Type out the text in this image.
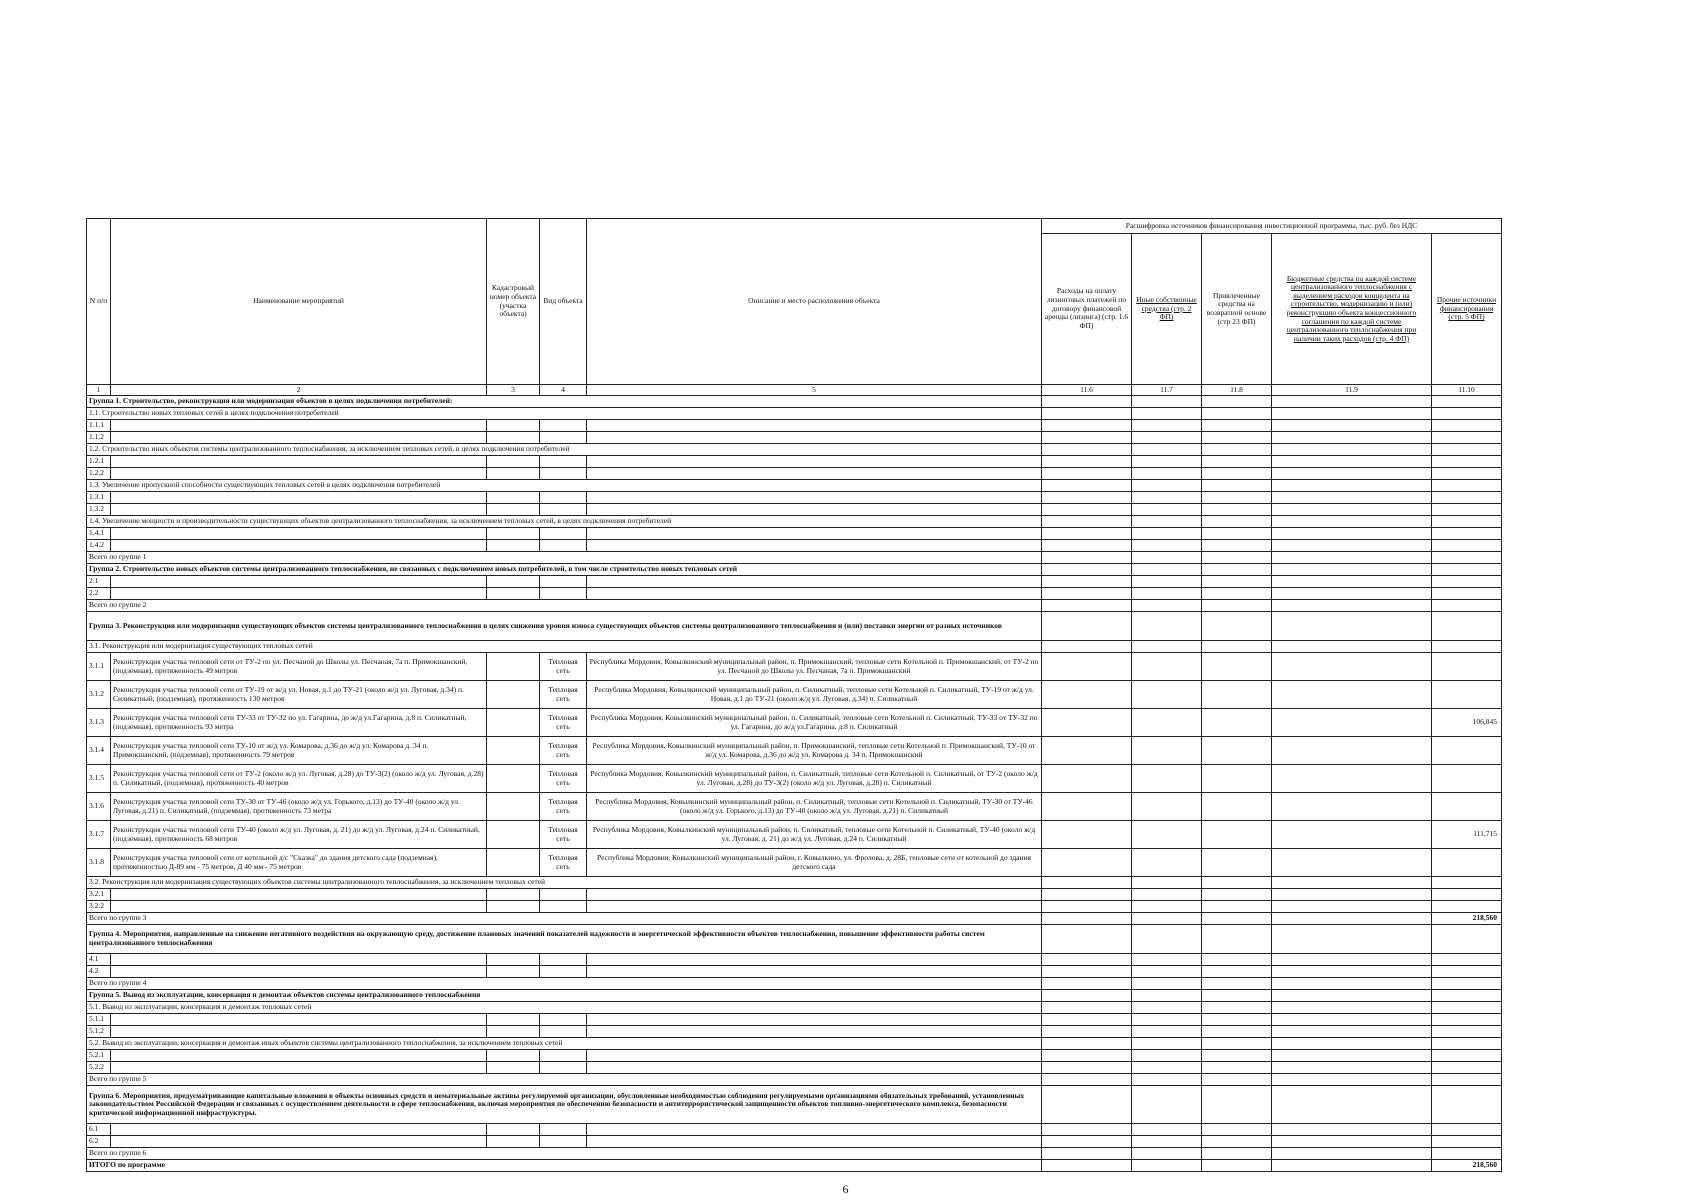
N п/п	Наименование мероприятий	Кадастровый номер объекта (участка объекта)	Вид объекта	Описание и место расположения объекта	Расшифровка источников финансирования инвестиционной программы, тыс. руб. без НДС				
					Расходы на оплату лизинговых платежей по договору финансовой аренды (лизинга) (стр. 1.6 ФП)	Иные собственные средства (стр. 2 ФП)	Привлеченные средства на возвратной основе (стр 23 ФП)	Бюджетные средства по каждой системе централизованного теплоснабжения с выделением расходов концедента на строительство, модернизацию и (или) реконструкцию объекта концессионного соглашения по каждой системе централизованного теплоснабжения при наличии таких расходов (стр. 4 ФП)	Прочие источники финансирования (стр. 5 ФП)
1	2	3	4	5	11.6	11.7	11.8	11.9	11.10
Группа 1. Строительство, реконструкция или модернизация объектов в целях подключения потребителей:									
1.1. Строительство новых тепловых сетей в целях подключения потребителей									
1.1.1									
1.1.2									
1.2. Строительство иных объектов системы централизованного теплоснабжения, за исключением тепловых сетей, в целях подключения потребителей									
1.2.1									
1.2.2									
1.3. Увеличение пропускной способности существующих тепловых сетей в целях подключения потребителей									
1.3.1									
1.3.2									
1.4. Увеличение мощности и производительности существующих объектов централизованного теплоснабжения, за исключением тепловых сетей, в целях подключения потребителей									
1.4.1									
1.4.2									
Всего по группе 1									
Группа 2. Строительство новых объектов системы централизованного теплоснабжения, не связанных с подключением новых потребителей, в том числе строительство новых тепловых сетей									
2.1									
2.2									
Всего по группе 2									
Группа 3. Реконструкция или модернизация существующих объектов системы централизованного теплоснабжения в целях снижения уровня износа существующих объектов системы централизованного теплоснабжения и (или) поставки энергии от разных источников									
3.1. Реконструкция или модернизация существующих тепловых сетей									
3.1.1	Реконструкция участка тепловой сети от ТУ-2 по ул. Песчаной до Школы ул. Песчаная, 7а п. Примокшанский, (подземная), протяженность 49 метров		Тепловая сеть	Республика Мордовия, Ковылкинский муниципальный район, п. Примокшанский, тепловые сети Котельной п. Примокшанский, от ТУ-2 по ул. Песчаной до Школы ул. Песчаная, 7а п. Примокшанский					
3.1.2	Реконструкция участка тепловой сети от ТУ-19 от ж/д ул. Новая, д.1 до ТУ-21 (около ж/д ул. Луговая, д.34) п. Силикатный, (подземная), протяженность 130 метров		Тепловая сеть	Республика Мордовия, Ковылкинский муниципальный район, п. Силикатный, тепловые сети Котельной п. Силикатный, ТУ-19 от ж/д ул. Новая, д.1 до ТУ-21 (около ж/д ул. Луговая, д.34) п. Силикатный					
3.1.3	Реконструкция участка тепловой сети ТУ-33 от ТУ-32 по ул. Гагарина, до ж/д ул.Гагарина, д.8 п. Силикатный, (подземная), протяженность 93 метра		Тепловая сеть	Республика Мордовия, Ковылкинский муниципальный район, п. Силикатный, тепловые сети Котельной п. Силикатный, ТУ-33 от ТУ-32 по ул. Гагарина, до ж/д ул.Гагарина, д.8 п. Силикатный					106,845
3.1.4	Реконструкция участка тепловой сети ТУ-10 от ж/д ул. Комарова, д.36 до ж/д ул. Комарова д. 34 п. Примокшанский, (подземная), протяженность 79 метров		Тепловая сеть	Республика Мордовия, Ковылкинский муниципальный район, п. Примокшанский, тепловые сети Котельной п. Примокшанский, ТУ-10 от ж/д ул. Комарова, д.36 до ж/д ул. Комарова д. 34 п. Примокшанский					
3.1.5	Реконструкция участка тепловой сети от ТУ-2 (около ж/д ул. Луговая, д.28) до ТУ-3(2) (около ж/д ул. Луговая, д.28) п. Силикатный, (подземная), протяженность 40 метров		Тепловая сеть	Республика Мордовия, Ковылкинский муниципальный район, п. Силикатный, тепловые сети Котельной п. Силикатный, от ТУ-2 (около ж/д ул. Луговая, д.28) до ТУ-3(2) (около ж/д ул. Луговая, д.28) п. Силикатный					
3.1.6	Реконструкция участка тепловой сети ТУ-30 от ТУ-46 (около ж/д ул. Горького, д.13) до ТУ-40 (около ж/д ул. Луговая, д.21) п. Силикатный, (подземная), протяженность 73 метра		Тепловая сеть	Республика Мордовия, Ковылкинский муниципальный район, п. Силикатный, тепловые сети Котельной п. Силикатный, ТУ-30 от ТУ-46 (около ж/д ул. Горького, д.13) до ТУ-40 (около ж/д ул. Луговая, д.21) п. Силикатный					
3.1.7	Реконструкция участка тепловой сети ТУ-40 (около ж/д ул. Луговая, д. 21) до ж/д ул. Луговая, д.24 п. Силикатный, (подземная), протяженность 68 метров		Тепловая сеть	Республика Мордовия, Ковылкинский муниципальный район, п. Силикатный, тепловые сети Котельной п. Силикатный, ТУ-40 (около ж/д ул. Луговая, д. 21) до ж/д ул. Луговая, д.24 п. Силикатный					111,715
3.1.8	Реконструкция участка тепловой сети от котельной д/с "Сказка" до здания детского сада (подземная), протяженностью Д-89 мм - 75 метров, Д 40 мм - 75 метров		Тепловая сеть	Республика Мордовия, Ковылкинский муниципальный район, г. Ковылкино, ул. Фролова, д. 28Б, тепловые сети от котельной до здания детского сада					
3.2. Реконструкция или модернизация существующих объектов системы централизованного теплоснабжения, за исключением тепловых сетей									
3.2.1									
3.2.2									
Всего по группе 3									218,560
Группа 4. Мероприятия, направленные на снижение негативного воздействия на окружающую среду, достижение плановых значений показателей надежности и энергетической эффективности объектов теплоснабжения, повышение эффективности работы систем централизованного теплоснабжения									
4.1									
4.2									
Всего по группе 4									
Группа 5. Вывод из эксплуатации, консервация и демонтаж объектов системы централизованного теплоснабжения									
5.1. Вывод из эксплуатации, консервация и демонтаж тепловых сетей									
5.1.1									
5.1.2									
5.2. Вывод из эксплуатации, консервация и демонтаж иных объектов системы централизованного теплоснабжения, за исключением тепловых сетей									
5.2.1									
5.2.2									
Всего по группе 5									
Группа 6. Мероприятия, предусматривающие капитальные вложения в объекты основных средств и нематериальные активы регулируемой организации, обусловленные необходимостью соблюдения регулируемыми организациями обязательных требований, установленных законодательством Российской Федерации и связанных с осуществлением деятельности в сфере теплоснабжения, включая мероприятия по обеспечению безопасности и антитеррористической защищенности объектов топливно-энергетического комплекса, безопасности критической информационной инфраструктуры.									
6.1									
6.2									
Всего по группе 6									
ИТОГО по программе									218,560
6
